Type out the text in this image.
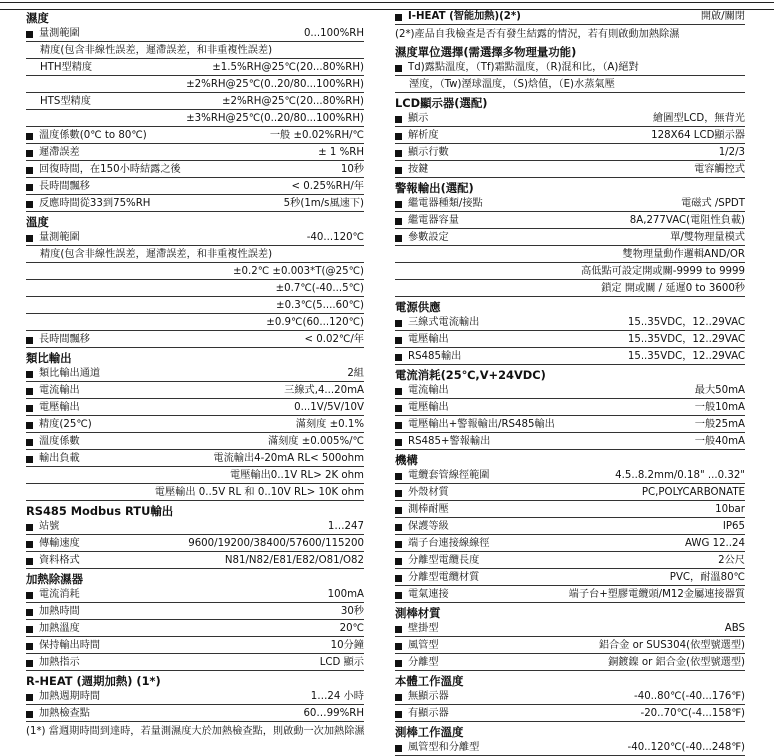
濕度
量測範圍	0...100%RH
精度(包含非線性誤差，遲滯誤差，和非重複性誤差)
HTH型精度	±1.5%RH@25℃(20...80%RH)
±2%RH@25℃(0..20/80...100%RH)
HTS型精度	±2%RH@25℃(20...80%RH)
±3%RH@25℃(0..20/80...100%RH)
溫度係數(0℃ to 80℃)	一般 ±0.02%RH/℃
遲滯誤差	± 1 %RH
回復時間，在150小時結露之後	10秒
長時間飄移	< 0.25%RH/年
反應時間從33到75%RH	5秒(1m/s風速下)
溫度
量測範圍	-40...120℃
精度(包含非線性誤差，遲滯誤差，和非重複性誤差)
±0.2℃ ±0.003*T(@25℃)
±0.7℃(-40...5℃)
±0.3℃(5....60℃)
±0.9℃(60...120℃)
長時間飄移	< 0.02℃/年
類比輸出
類比輸出通道	2組
電流輸出	三線式,4...20mA
電壓輸出	0...1V/5V/10V
精度(25℃)	滿刻度 ±0.1%
溫度係數	滿刻度 ±0.005%/℃
輸出負載	電流輸出4-20mA RL< 500ohm
電壓輸出0..1V RL> 2K ohm
電壓輸出 0..5V RL 和 0..10V RL> 10K ohm
RS485 Modbus RTU輸出
站號	1…247
傳輸速度	9600/19200/38400/57600/115200
資料格式	N81/N82/E81/E82/O81/O82
加熱除濕器
電流消耗	100mA
加熱時間	30秒
加熱溫度	20℃
保持輸出時間	10分鐘
加熱指示	LCD 顯示
R-HEAT (週期加熱) (1*)
加熱週期時間	1…24 小時
加熱檢查點	60…99%RH
(1*) 當週期時間到達時，若量測濕度大於加熱檢查點，則啟動一次加熱除濕
I-HEAT (智能加熱)(2*)	開啟/關閉
(2*)產品自我檢查是否有發生結露的情況，若有則啟動加熱除濕
濕度單位選擇(需選擇多物理量功能)
Td)露點溫度，（Tf)霜點溫度，（R)混和比，（A)絕對
溼度，（Tw)溼球溫度，（S)焓值，（E)水蒸氣壓
LCD顯示器(選配)
顯示	繪圖型LCD，無背光
解析度	128X64 LCD顯示器
顯示行數	1/2/3
按鍵	電容觸控式
警報輸出(選配)
繼電器種類/接點	電磁式 /SPDT
繼電器容量	8A,277VAC(電阻性負載)
參數設定	單/雙物理量模式
雙物理量動作邏輯AND/OR
高低點可設定開或關-9999 to 9999
鎖定 開或關 / 延遲0 to 3600秒
電源供應
三線式電流輸出	15..35VDC，12..29VAC
電壓輸出	15..35VDC，12..29VAC
RS485輸出	15..35VDC，12..29VAC
電流消耗(25℃,V+24VDC)
電流輸出	最大50mA
電壓輸出	一般10mA
電壓輸出+警報輸出/RS485輸出	一般25mA
RS485+警報輸出	一般40mA
機構
電纜套管線徑範圍	4.5..8.2mm/0.18" ...0.32"
外殼材質	PC,POLYCARBONATE
測棒耐壓	10bar
保護等級	IP65
端子台連接線線徑	AWG 12..24
分離型電纜長度	2公尺
分離型電纜材質	PVC，耐溫80℃
電氣連接	端子台+塑膠電纜頭/M12金屬連接器質
測棒材質
壁掛型	ABS
風管型	鋁合金 or SUS304(依型號選型)
分離型	銅鍍鎳 or 鋁合金(依型號選型)
本體工作溫度
無顯示器	-40..80℃(-40...176℉)
有顯示器	-20..70℃(-4...158℉)
測棒工作溫度
風管型和分離型	-40..120℃(-40...248℉)
